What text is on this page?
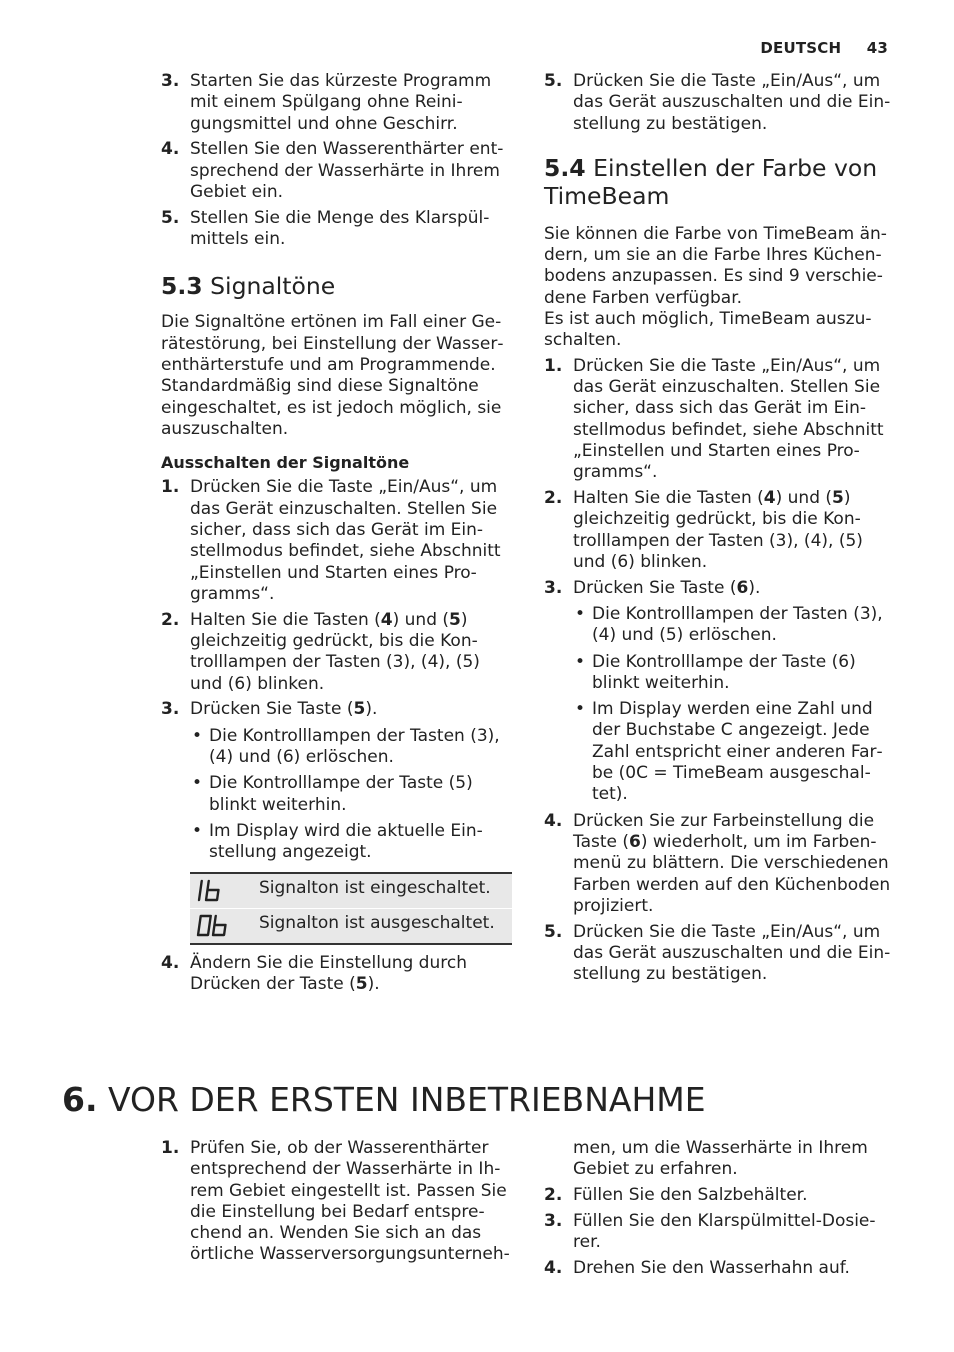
DEUTSCH 43
3. Starten Sie das kürzeste Programm mit einem Spülgang ohne Reinigungsmittel und ohne Geschirr.
4. Stellen Sie den Wasserenthärter entsprechend der Wasserhärte in Ihrem Gebiet ein.
5. Stellen Sie die Menge des Klarspülmittels ein.
5.3 Signaltöne

Die Signaltöne ertönen im Fall einer Gerätestörung, bei Einstellung der Wasserenthärterstufe und am Programmende. Standardmäßig sind diese Signaltöne eingeschaltet, es ist jedoch möglich, sie auszuschalten.

Ausschalten der Signaltöne
1. Drücken Sie die Taste „Ein/Aus“, um das Gerät einzuschalten. Stellen Sie sicher, dass sich das Gerät im Einstellmodus befindet, siehe Abschnitt „Einstellen und Starten eines Programms“.
2. Halten Sie die Tasten (4) und (5) gleichzeitig gedrückt, bis die Kontrolllampen der Tasten (3), (4), (5) und (6) blinken.
3. Drücken Sie Taste (5).
• Die Kontrolllampen der Tasten (3), (4) und (6) erlöschen.
• Die Kontrolllampe der Taste (5) blinkt weiterhin.
• Im Display wird die aktuelle Einstellung angezeigt.
Signalton ist eingeschaltet.
Signalton ist ausgeschaltet.
4. Ändern Sie die Einstellung durch Drücken der Taste (5).
5. Drücken Sie die Taste „Ein/Aus“, um das Gerät auszuschalten und die Einstellung zu bestätigen.
5.4 Einstellen der Farbe von TimeBeam

Sie können die Farbe von TimeBeam ändern, um sie an die Farbe Ihres Küchenbodens anzupassen. Es sind 9 verschiedene Farben verfügbar.

Es ist auch möglich, TimeBeam auszuschalten.

1. Drücken Sie die Taste „Ein/Aus“, um das Gerät einzuschalten. Stellen Sie sicher, dass sich das Gerät im Einstellmodus befindet, siehe Abschnitt „Einstellen und Starten eines Programms“.
2. Halten Sie die Tasten (4) und (5) gleichzeitig gedrückt, bis die Kontrolllampen der Tasten (3), (4), (5) und (6) blinken.
3. Drücken Sie Taste (6).
• Die Kontrolllampen der Tasten (3), (4) und (5) erlöschen.
• Die Kontrolllampe der Taste (6) blinkt weiterhin.
• Im Display werden eine Zahl und der Buchstabe C angezeigt. Jede Zahl entspricht einer anderen Farbe (0C = TimeBeam ausgeschaltet).
4. Drücken Sie zur Farbeinstellung die Taste (6) wiederholt, um im Farbenmenü zu blättern. Die verschiedenen Farben werden auf den Küchenboden projiziert.
5. Drücken Sie die Taste „Ein/Aus“, um das Gerät auszuschalten und die Einstellung zu bestätigen.
6. VOR DER ERSTEN INBETRIEBNAHME
1. Prüfen Sie, ob der Wasserenthärter entsprechend der Wasserhärte in Ihrem Gebiet eingestellt ist. Passen Sie die Einstellung bei Bedarf entsprechend an. Wenden Sie sich an das örtliche Wasserversorgungsunterneh-

men, um die Wasserhärte in Ihrem Gebiet zu erfahren.

2. Füllen Sie den Salzbehälter.
3. Füllen Sie den Klarspülmittel-Dosierer.
4. Drehen Sie den Wasserhahn auf.
